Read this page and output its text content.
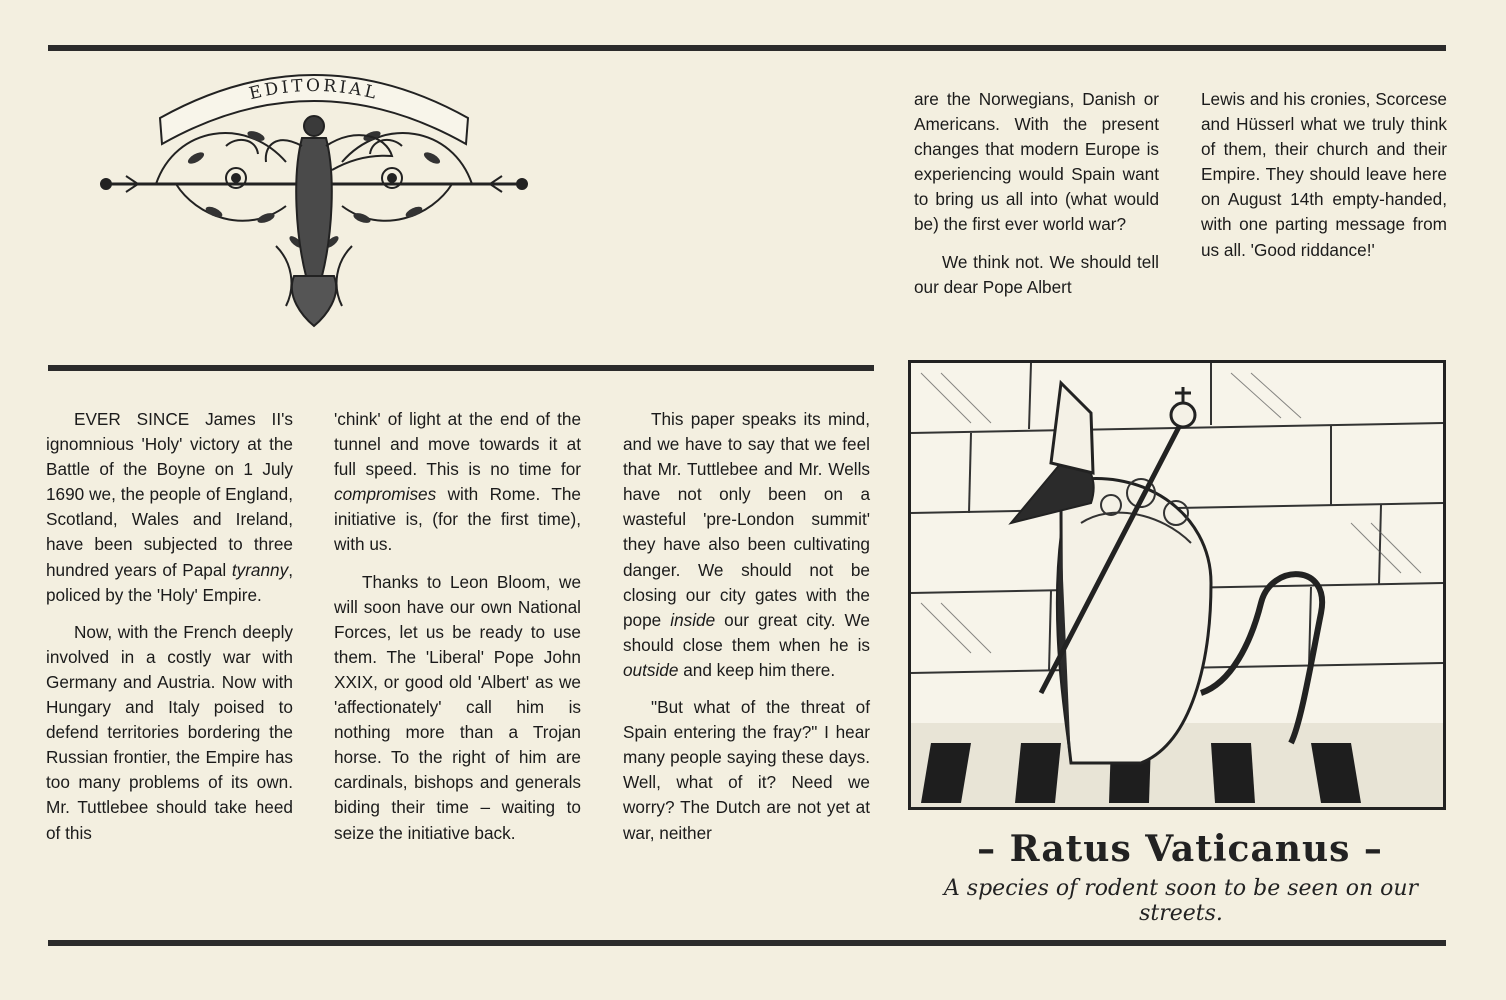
EDITORIAL

EVER SINCE James II's ignomnious 'Holy' victory at the Battle of the Boyne on 1 July 1690 we, the people of England, Scotland, Wales and Ireland, have been subjected to three hundred years of Papal tyranny, policed by the 'Holy' Empire.

Now, with the French deeply involved in a costly war with Germany and Austria. Now with Hungary and Italy poised to defend territories bordering the Russian frontier, the Empire has too many problems of its own. Mr. Tuttlebee should take heed of this

'chink' of light at the end of the tunnel and move towards it at full speed. This is no time for compromises with Rome. The initiative is, (for the first time), with us.

Thanks to Leon Bloom, we will soon have our own National Forces, let us be ready to use them. The 'Liberal' Pope John XXIX, or good old 'Albert' as we 'affectionately' call him is nothing more than a Trojan horse. To the right of him are cardinals, bishops and generals biding their time – waiting to seize the initiative back.

This paper speaks its mind, and we have to say that we feel that Mr. Tuttlebee and Mr. Wells have not only been on a wasteful 'pre-London summit' they have also been cultivating danger. We should not be closing our city gates with the pope inside our great city. We should close them when he is outside and keep him there.

"But what of the threat of Spain entering the fray?" I hear many people saying these days. Well, what of it? Need we worry? The Dutch are not yet at war, neither

are the Norwegians, Danish or Americans. With the present changes that modern Europe is experiencing would Spain want to bring us all into (what would be) the first ever world war?

We think not. We should tell our dear Pope Albert

Lewis and his cronies, Scorcese and Hüsserl what we truly think of them, their church and their Empire. They should leave here on August 14th empty-handed, with one parting message from us all. 'Good riddance!'

– Ratus Vaticanus –
A species of rodent soon to be seen on our streets.
